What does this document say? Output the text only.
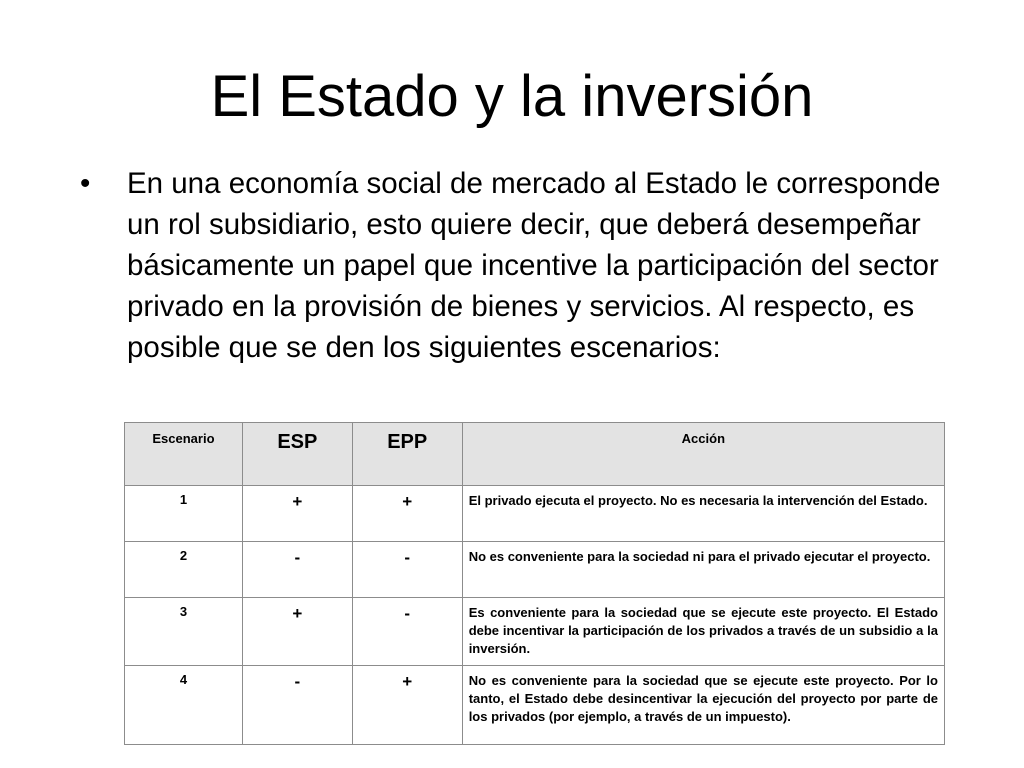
El Estado y la inversión
•	En una economía social de mercado al Estado le corresponde un rol subsidiario, esto quiere decir, que deberá desempeñar básicamente un papel que incentive la participación del sector privado en la provisión de bienes y servicios. Al respecto, es posible que se den los siguientes escenarios:
Escenario	ESP	EPP	Acción
1	+	+	El privado ejecuta el proyecto. No es necesaria la intervención del Estado.
2	-	-	No es conveniente para la sociedad ni para el privado ejecutar el proyecto.
3	+	-	Es conveniente para la sociedad que se ejecute este proyecto. El Estado debe incentivar la participación de los privados a través de un subsidio a la inversión.
4	-	+	No es conveniente para la sociedad que se ejecute este proyecto. Por lo tanto, el Estado debe desincentivar la ejecución del proyecto por parte de los privados (por ejemplo, a través de un impuesto).
